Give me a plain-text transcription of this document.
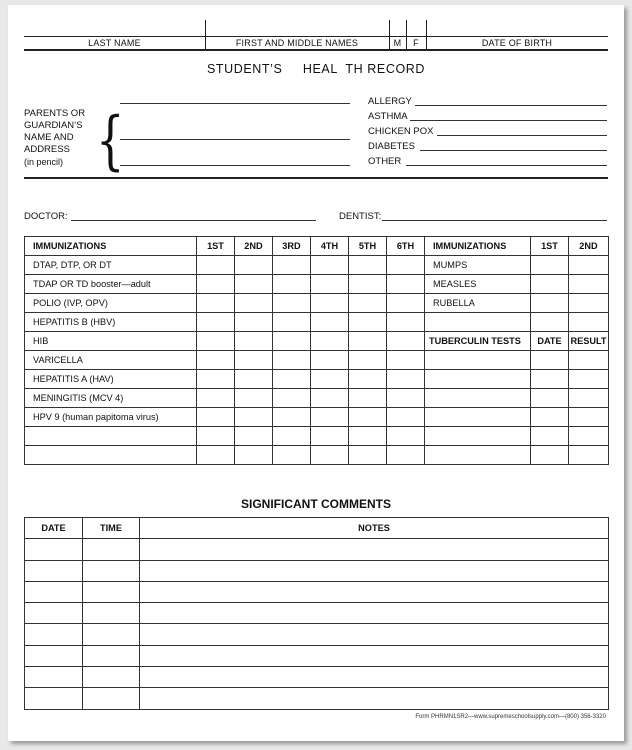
LAST NAME	FIRST AND MIDDLE NAMES	M	F	DATE OF BIRTH
STUDENT’S     HEAL  TH RECORD
PARENTS OR
GUARDIAN’S
NAME AND
ADDRESS
(in pencil) {
ALLERGY
ASTHMA
CHICKEN POX
DIABETES
OTHER
DOCTOR:	DENTIST:
IMMUNIZATIONS	1ST	2ND	3RD	4TH	5TH	6TH	IMMUNIZATIONS	1ST	2ND
DTAP, DTP, OR DT							MUMPS		
TDAP OR TD booster—adult							MEASLES		
POLIO (IVP, OPV)							RUBELLA		
HEPATITIS B (HBV)									
HIB							TUBERCULIN TESTS	DATE	RESULT
VARICELLA									
HEPATITIS A (HAV)									
MENINGITIS (MCV 4)									
HPV 9 (human papitoma virus)									

SIGNIFICANT COMMENTS
DATE	TIME	NOTES

Form PHRMN1SR2—www.supremeschoolsupply.com—(800) 356-3320
